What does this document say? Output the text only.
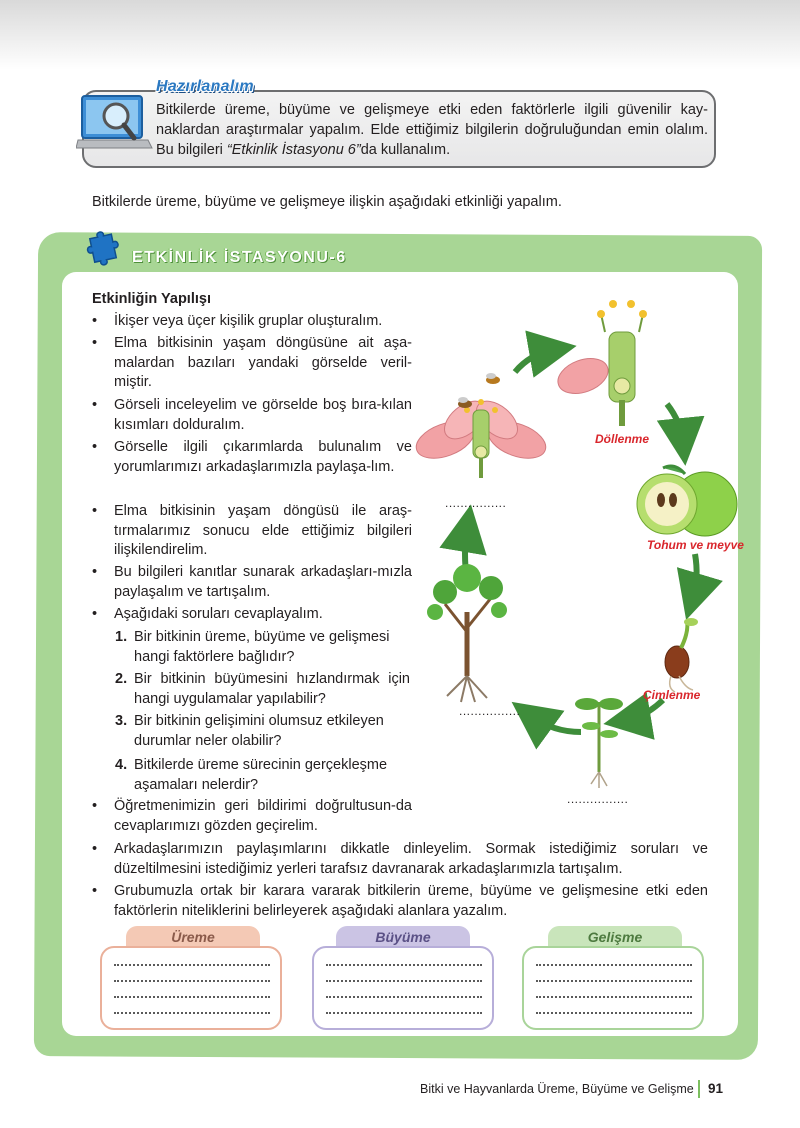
Hazırlanalım
Bitkilerde üreme, büyüme ve gelişmeye etki eden faktörlerle ilgili güvenilir kay-naklardan araştırmalar yapalım. Elde ettiğimiz bilgilerin doğruluğundan emin olalım. Bu bilgileri “Etkinlik İstasyonu 6”da kullanalım.
Bitkilerde üreme, büyüme ve gelişmeye ilişkin aşağıdaki etkinliği yapalım.
ETKİNLİK İSTASYONU-6
Etkinliğin Yapılışı
• İkişer veya üçer kişilik gruplar oluşturalım.
• Elma bitkisinin yaşam döngüsüne ait aşa-malardan bazıları yandaki görselde veril-miştir.
• Görseli inceleyelim ve görselde boş bıra-kılan kısımları dolduralım.
• Görselle ilgili çıkarımlarda bulunalım ve yorumlarımızı arkadaşlarımızla paylaşa-lım.
• Elma bitkisinin yaşam döngüsü ile araş-tırmalarımız sonucu elde ettiğimiz bilgileri ilişkilendirelim.
• Bu bilgileri kanıtlar sunarak arkadaşları-mızla paylaşalım ve tartışalım.
• Aşağıdaki soruları cevaplayalım.
1. Bir bitkinin üreme, büyüme ve gelişmesi hangi faktörlere bağlıdır?
2. Bir bitkinin büyümesini hızlandırmak için hangi uygulamalar yapılabilir?
3. Bir bitkinin gelişimini olumsuz etkileyen durumlar neler olabilir?
4. Bitkilerde üreme sürecinin gerçekleşme aşamaları nelerdir?
• Öğretmenimizin geri bildirimi doğrultusun-da cevaplarımızı gözden geçirelim.
• Arkadaşlarımızın paylaşımlarını dikkatle dinleyelim. Sormak istediğimiz soruları ve düzeltilmesini istediğimiz yerleri tarafsız davranarak arkadaşlarımızla tartışalım.
• Grubumuzla ortak bir karara vararak bitkilerin üreme, büyüme ve gelişmesine etki eden faktörlerin niteliklerini belirleyerek aşağıdaki alanlara yazalım.
Döllenme
Tohum ve meyve
Çimlenme
................
................
................
Üreme	Büyüme	Gelişme
Bitki ve Hayvanlarda Üreme, Büyüme ve Gelişme 91
